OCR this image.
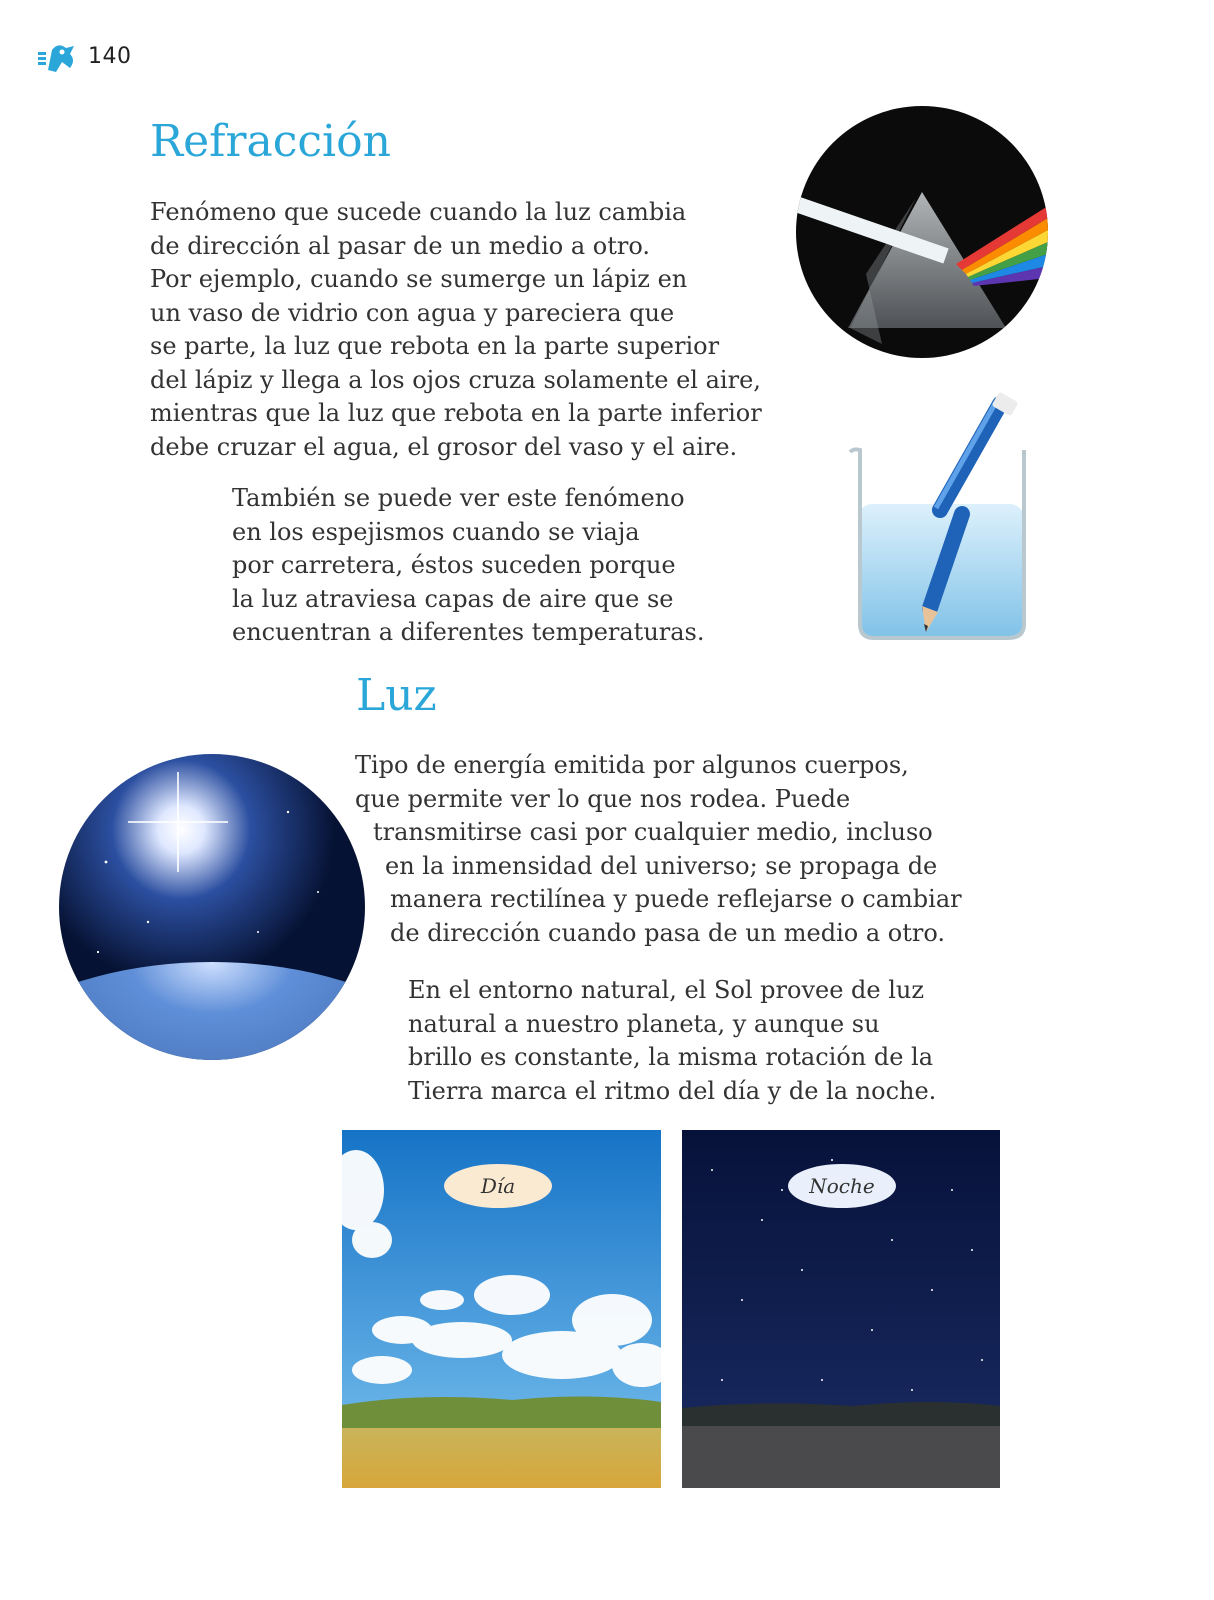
140
Refracción
Fenómeno que sucede cuando la luz cambia
de dirección al pasar de un medio a otro.
Por ejemplo, cuando se sumerge un lápiz en
un vaso de vidrio con agua y pareciera que
se parte, la luz que rebota en la parte superior
del lápiz y llega a los ojos cruza solamente el aire,
mientras que la luz que rebota en la parte inferior
debe cruzar el agua, el grosor del vaso y el aire.
También se puede ver este fenómeno
en los espejismos cuando se viaja
por carretera, éstos suceden porque
la luz atraviesa capas de aire que se
encuentran a diferentes temperaturas.
Luz
Tipo de energía emitida por algunos cuerpos,
que permite ver lo que nos rodea. Puede
transmitirse casi por cualquier medio, incluso
en la inmensidad del universo; se propaga de
manera rectilínea y puede reflejarse o cambiar
de dirección cuando pasa de un medio a otro.
En el entorno natural, el Sol provee de luz
natural a nuestro planeta, y aunque su
brillo es constante, la misma rotación de la
Tierra marca el ritmo del día y de la noche.
Día	Noche
